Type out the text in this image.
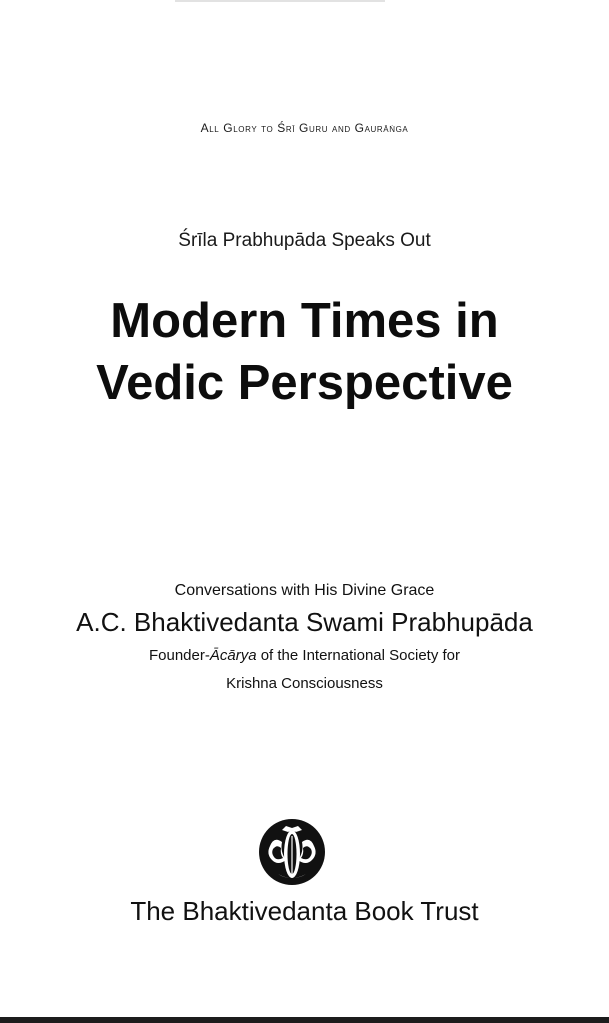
All Glory to Śrī Guru and Gaurāṅga
Śrīla Prabhupāda Speaks Out
Modern Times in
Vedic Perspective
Conversations with His Divine Grace
A.C. Bhaktivedanta Swami Prabhupāda
Founder-Ācārya of the International Society for
Krishna Consciousness
The Bhaktivedanta Book Trust
